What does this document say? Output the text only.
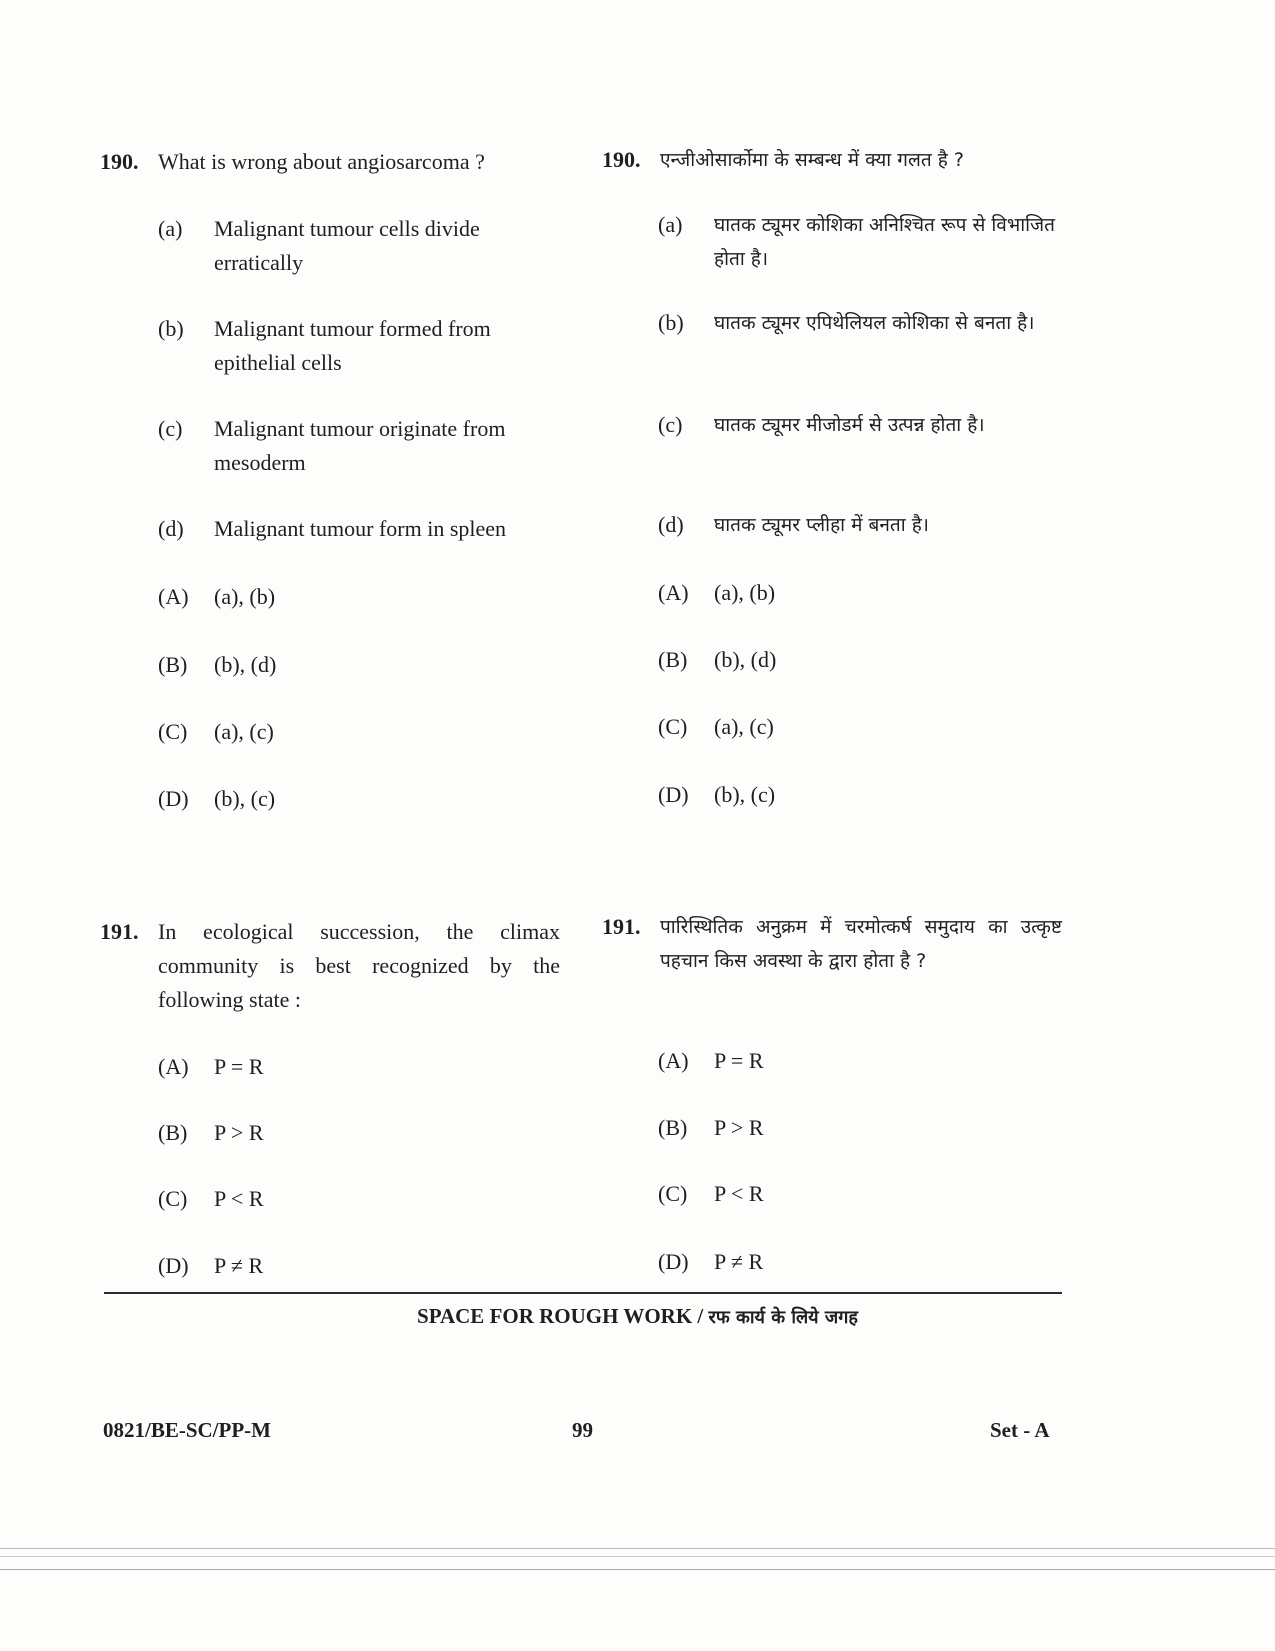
190. What is wrong about angiosarcoma ?
(a)	Malignant tumour cells divide erratically
(b)	Malignant tumour formed from epithelial cells
(c)	Malignant tumour originate from mesoderm
(d)	Malignant tumour form in spleen
(A)	(a), (b)
(B)	(b), (d)
(C)	(a), (c)
(D)	(b), (c)
191. In ecological succession, the climax community is best recognized by the following state :
(A)	P = R
(B)	P > R
(C)	P < R
(D)	P ≠ R
190.	एन्जीओसार्कोमा के सम्बन्ध में क्या गलत है ?
(a)	घातक ट्यूमर कोशिका अनिश्चित रूप से विभाजित होता है।
(b)	घातक ट्यूमर एपिथेलियल कोशिका से बनता है।
(c)	घातक ट्यूमर मीजोडर्म से उत्पन्न होता है।
(d)	घातक ट्यूमर प्लीहा में बनता है।
(A)	(a), (b)
(B)	(b), (d)
(C)	(a), (c)
(D)	(b), (c)
191.	पारिस्थितिक अनुक्रम में चरमोत्कर्ष समुदाय का उत्कृष्ट पहचान किस अवस्था के द्वारा होता है ?
(A)	P = R
(B)	P > R
(C)	P < R
(D)	P ≠ R
SPACE FOR ROUGH WORK / रफ कार्य के लिये जगह
0821/BE-SC/PP-M	99	Set - A
